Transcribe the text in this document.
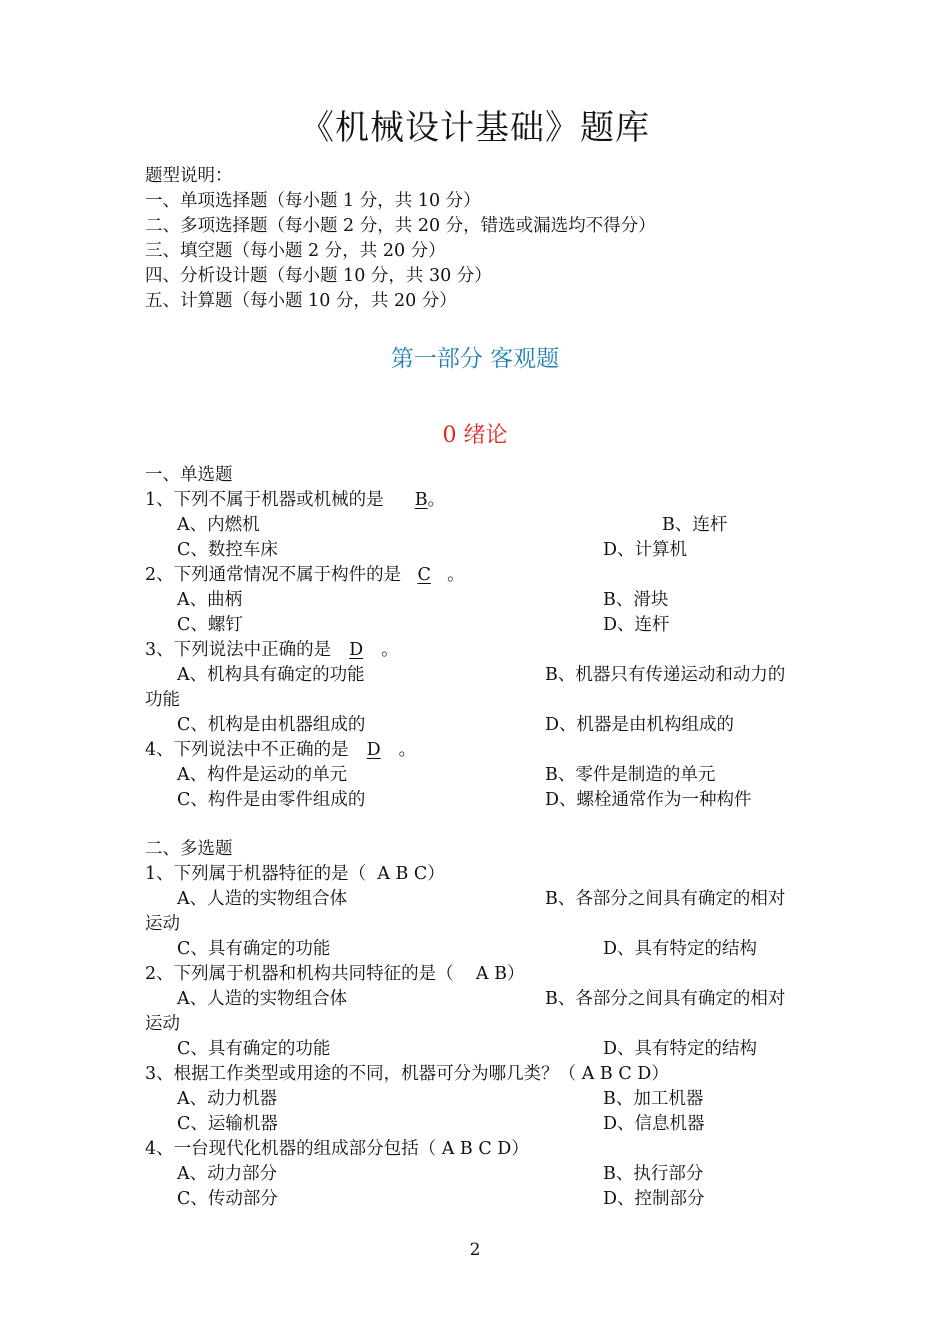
《机械设计基础》题库
题型说明：
一、单项选择题（每小题 1 分，共 10 分）
二、多项选择题（每小题 2 分，共 20 分，错选或漏选均不得分）
三、填空题（每小题 2 分，共 20 分）
四、分析设计题（每小题 10 分，共 30 分）
五、计算题（每小题 10 分，共 20 分）
第一部分 客观题
0 绪论
一、单选题
1、下列不属于机器或机械的是 B。
A、内燃机	B、连杆
C、数控车床	D、计算机
2、下列通常情况不属于构件的是 C 。
A、曲柄	B、滑块
C、螺钉	D、连杆
3、下列说法中正确的是 D 。
A、机构具有确定的功能	B、机器只有传递运动和动力的
功能
C、机构是由机器组成的	D、机器是由机构组成的
4、下列说法中不正确的是 D 。
A、构件是运动的单元	B、零件是制造的单元
C、构件是由零件组成的	D、螺栓通常作为一种构件
二、多选题
1、下列属于机器特征的是（ A B C）
A、人造的实物组合体	B、各部分之间具有确定的相对
运动
C、具有确定的功能	D、具有特定的结构
2、下列属于机器和机构共同特征的是（ A B）
A、人造的实物组合体	B、各部分之间具有确定的相对
运动
C、具有确定的功能	D、具有特定的结构
3、根据工作类型或用途的不同，机器可分为哪几类？（ A B C D）
A、动力机器	B、加工机器
C、运输机器	D、信息机器
4、一台现代化机器的组成部分包括（ A B C D）
A、动力部分	B、执行部分
C、传动部分	D、控制部分
2
